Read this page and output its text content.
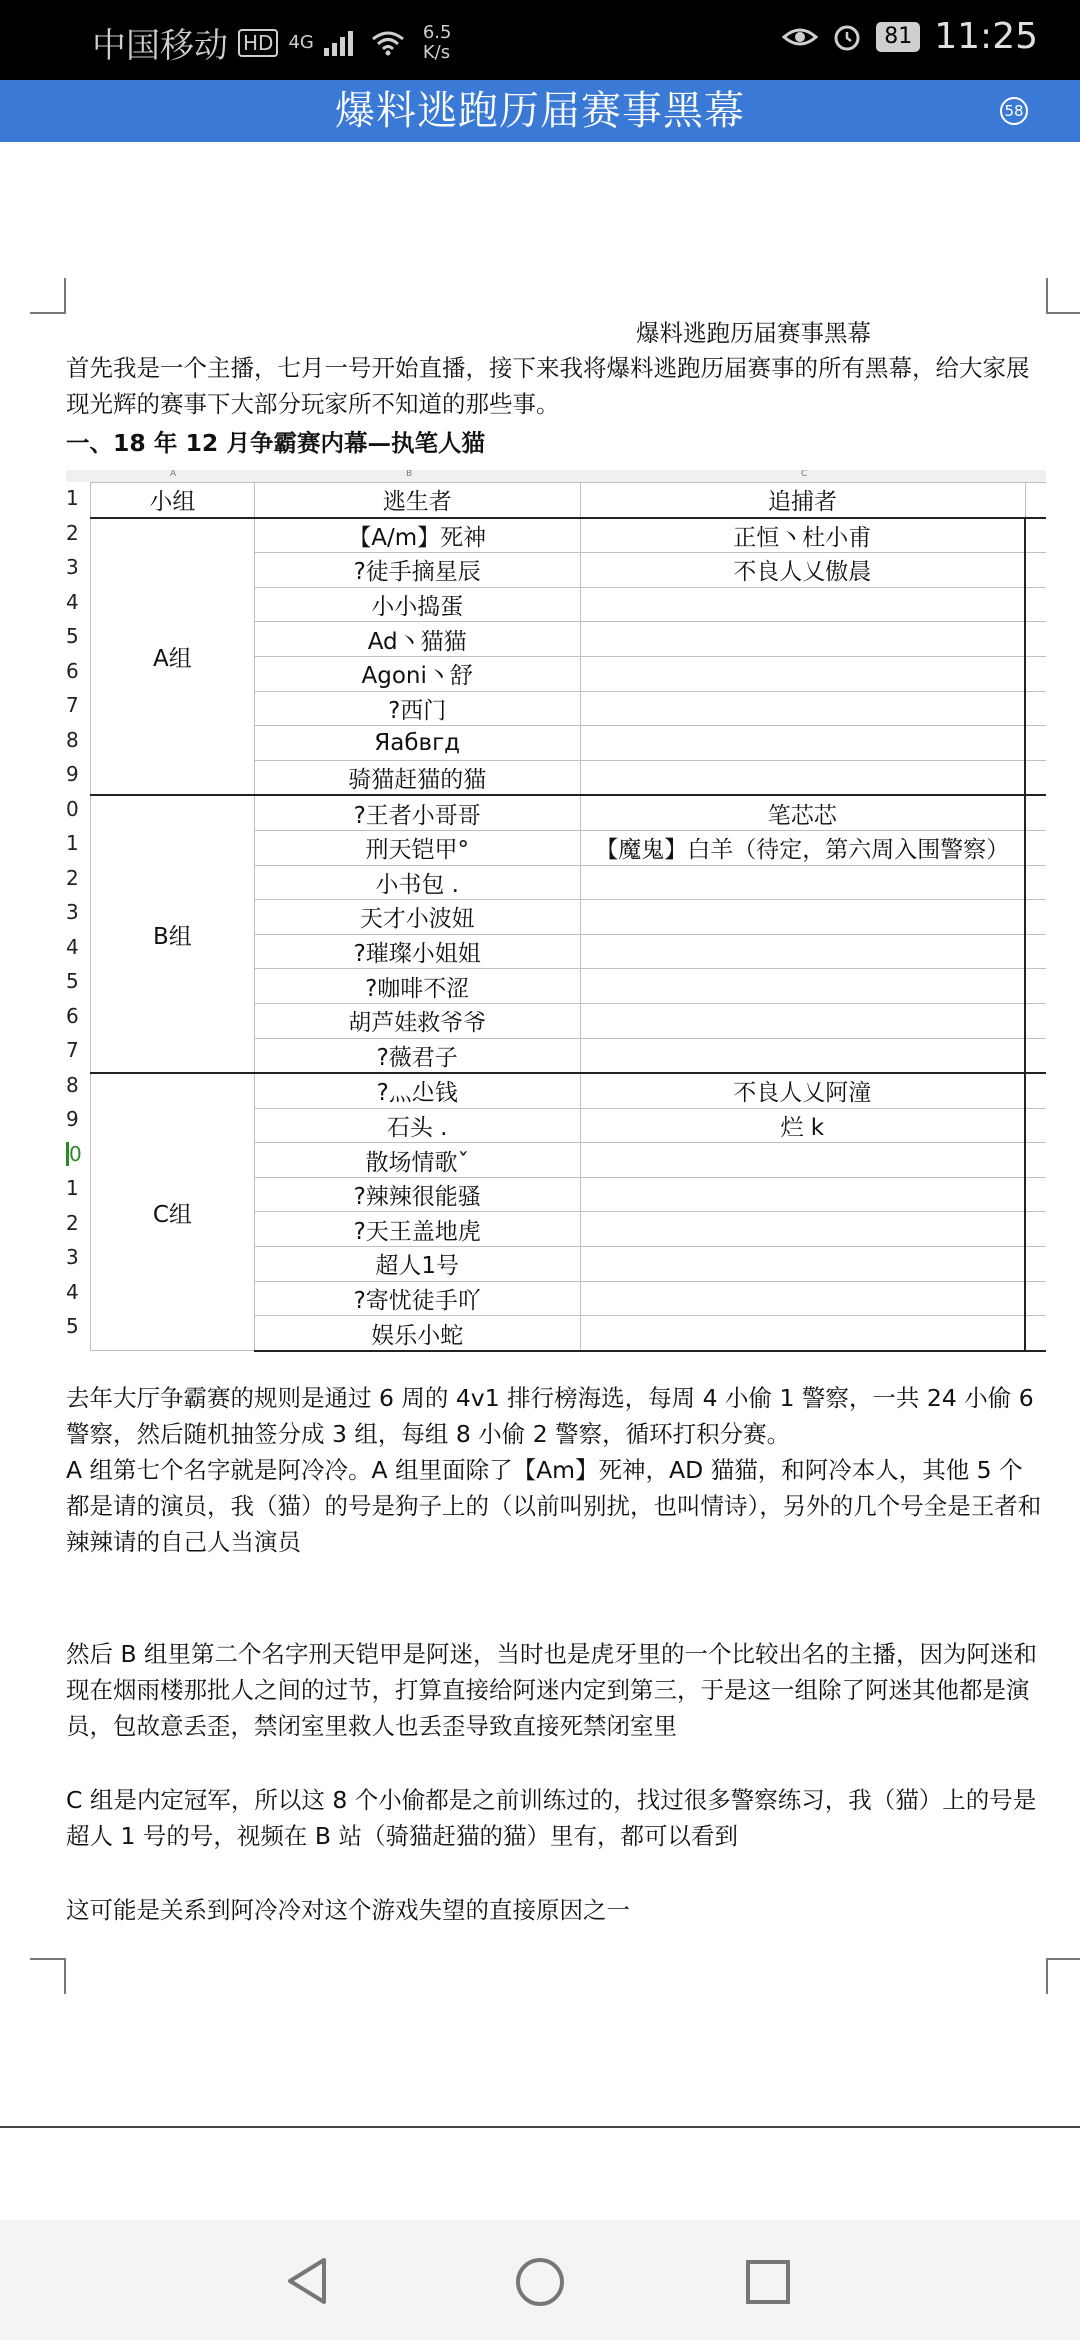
中国移动 HD 4G	6.5
K/s
81 11:25
爆料逃跑历届赛事黑幕	58
爆料逃跑历届赛事黑幕
首先我是一个主播，七月一号开始直播，接下来我将爆料逃跑历届赛事的所有黑幕，给大家展现光辉的赛事下大部分玩家所不知道的那些事。
一、18 年 12 月争霸赛内幕—执笔人猫
A	B	C
1
2
3
4
5
6
7
8
9
0
1
2
3
4
5
6
7
8
9
0
1
2
3
4
5
小组	逃生者	追捕者	
A组	【A/m】死神	正恒丶杜小甫	
	?徒手摘星辰	不良人乂傲晨	
	小小捣蛋		
	Ad丶猫猫		
	Agoni丶舒		
	?西门		
	Яабвгд		
	骑猫赶猫的猫		
B组	?王者小哥哥	笔芯芯	
	刑天铠甲°	【魔鬼】白羊（待定，第六周入围警察）	
	小书包 .		
	天才小波妞		
	?璀璨小姐姐		
	?咖啡不涩		
	胡芦娃救爷爷		
	?薇君子		
C组	?灬尐钱	不良人乂阿潼	
	石头 .	烂 k	
	散场情歌ˇ		
	?辣辣很能骚		
	?天王盖地虎		
	超人1号		
	?寄忧徒手吖		
	娱乐小蛇		
去年大厅争霸赛的规则是通过 6 周的 4v1 排行榜海选，每周 4 小偷 1 警察，一共 24 小偷 6 警察，然后随机抽签分成 3 组，每组 8 小偷 2 警察，循环打积分赛。
A 组第七个名字就是阿冷冷。A 组里面除了【Am】死神，AD 猫猫，和阿冷本人，其他 5 个都是请的演员，我（猫）的号是狗子上的（以前叫别扰，也叫情诗），另外的几个号全是王者和辣辣请的自己人当演员
然后 B 组里第二个名字刑天铠甲是阿迷，当时也是虎牙里的一个比较出名的主播，因为阿迷和现在烟雨楼那批人之间的过节，打算直接给阿迷内定到第三，于是这一组除了阿迷其他都是演员，包故意丢歪，禁闭室里救人也丢歪导致直接死禁闭室里
C 组是内定冠军，所以这 8 个小偷都是之前训练过的，找过很多警察练习，我（猫）上的号是超人 1 号的号，视频在 B 站（骑猫赶猫的猫）里有，都可以看到
这可能是关系到阿冷冷对这个游戏失望的直接原因之一
